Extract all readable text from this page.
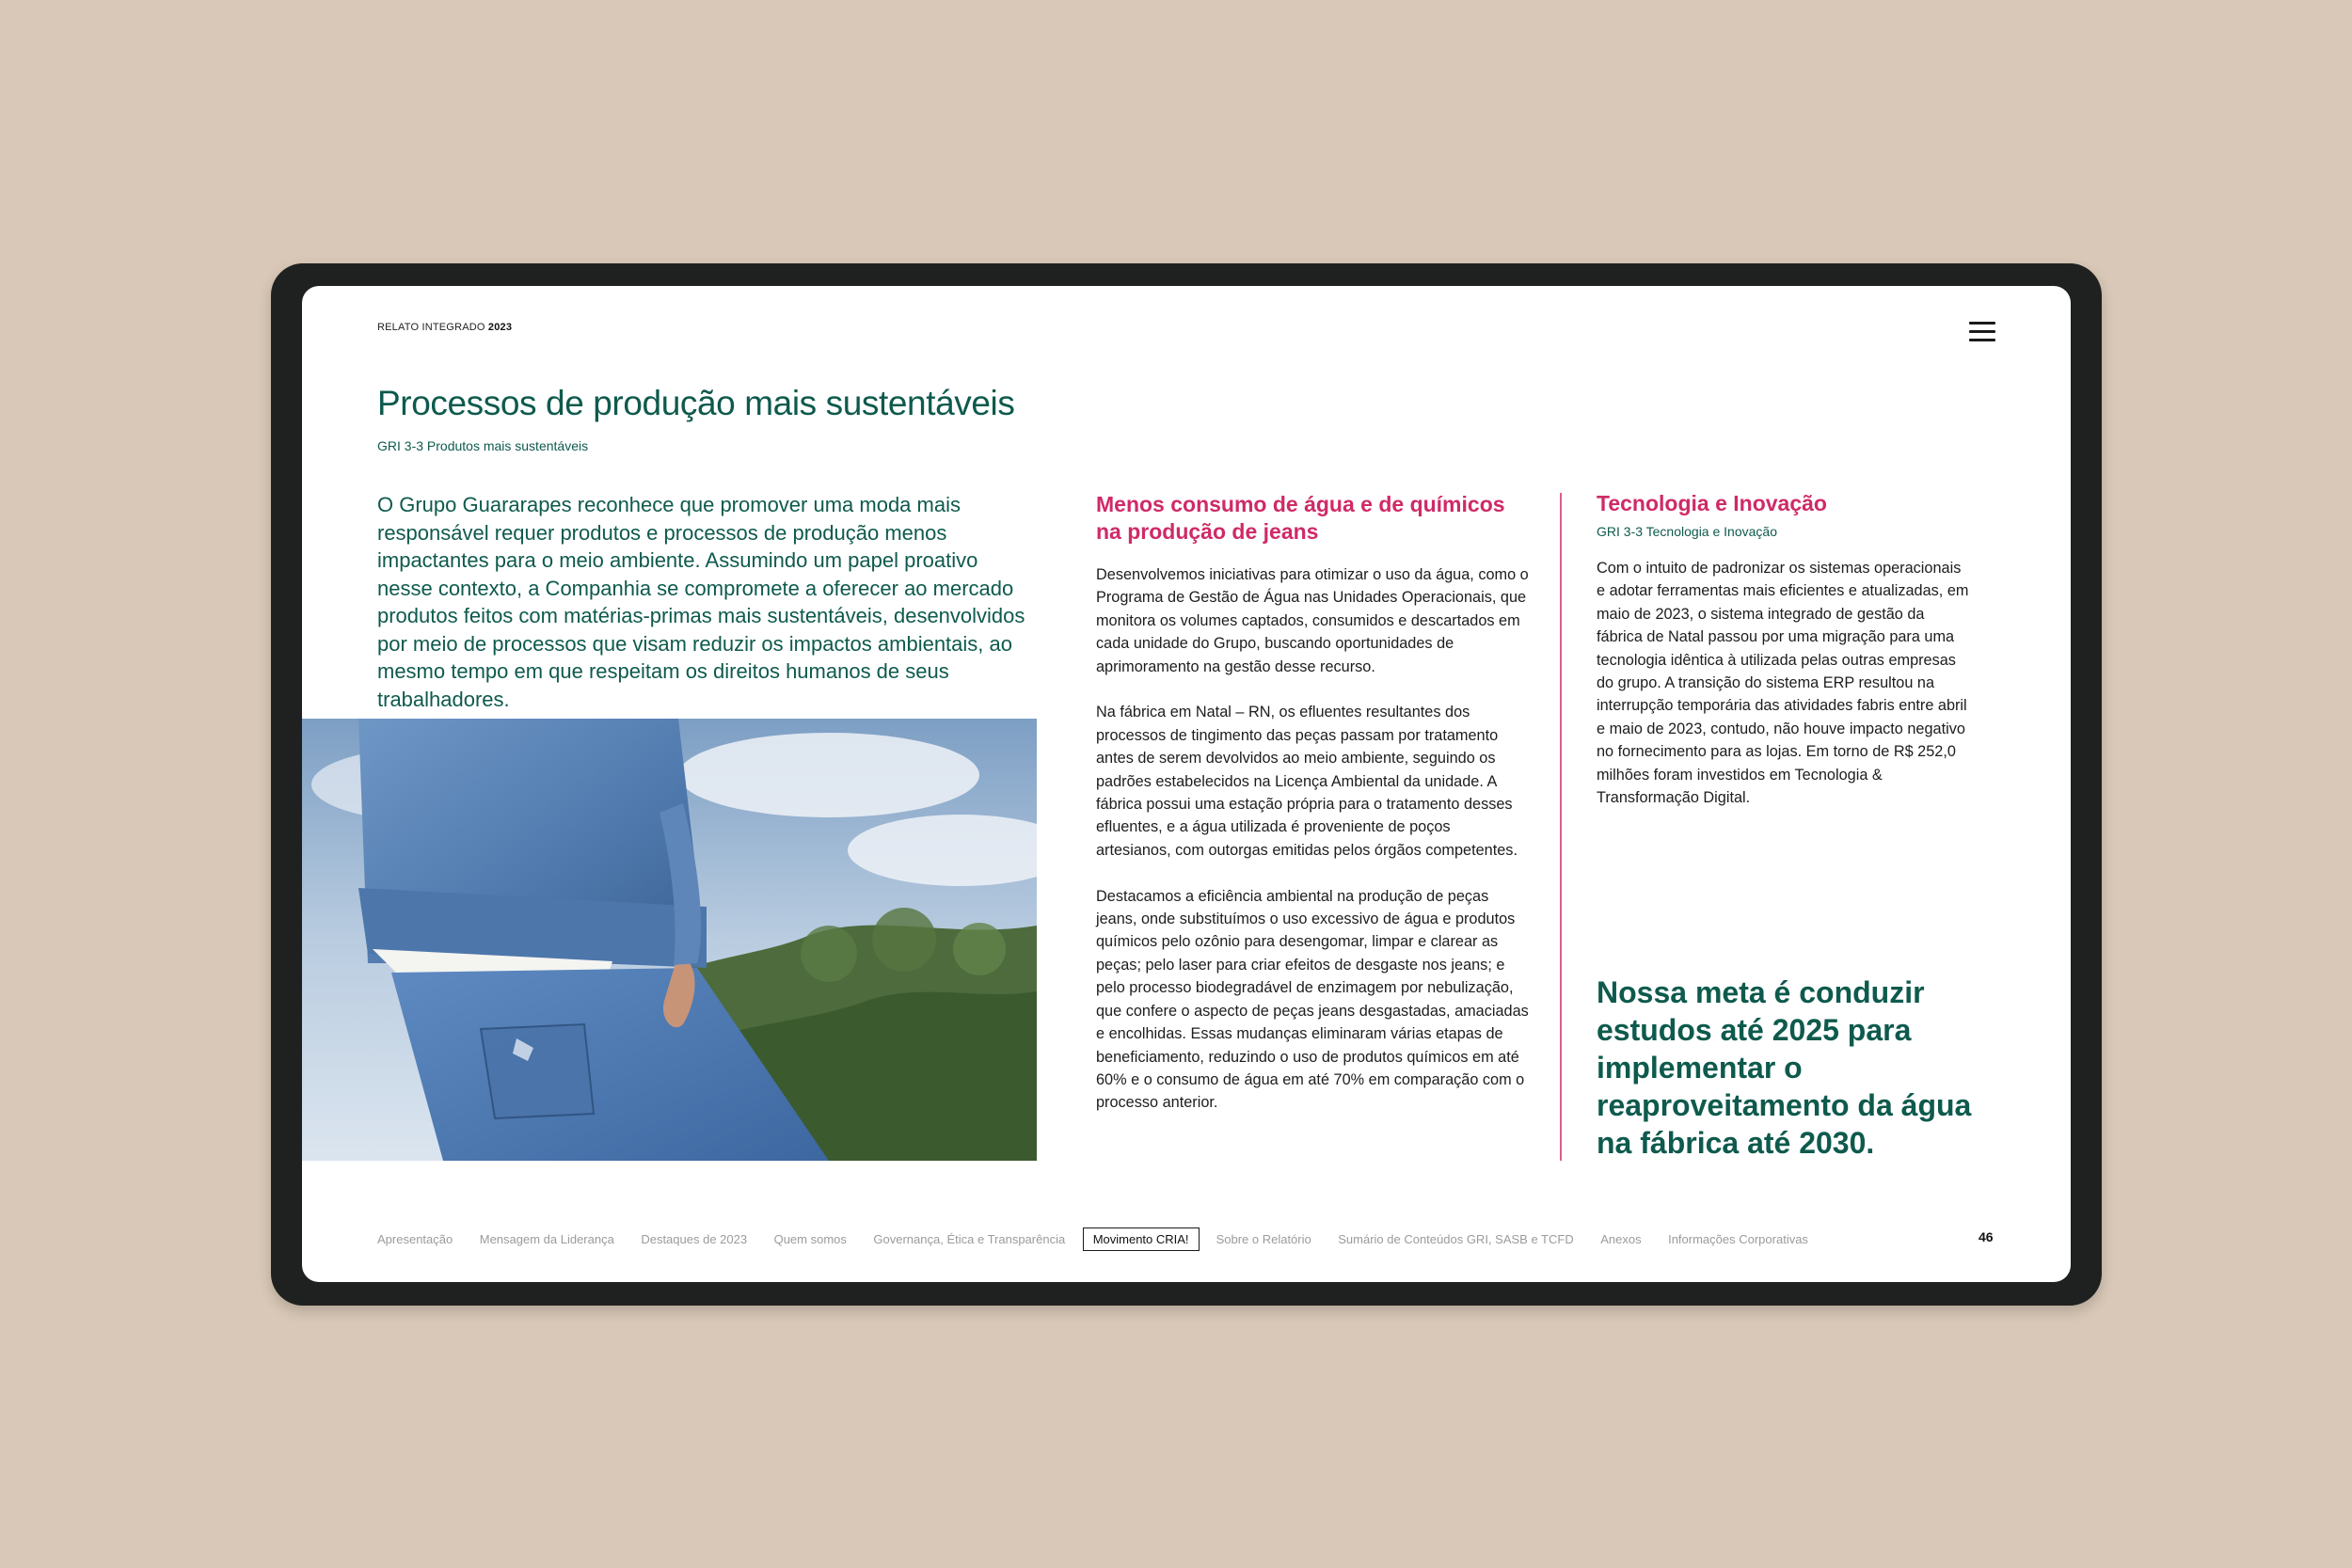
RELATO INTEGRADO 2023
Processos de produção mais sustentáveis
GRI 3-3 Produtos mais sustentáveis
O Grupo Guararapes reconhece que promover uma moda mais responsável requer produtos e processos de produção menos impactantes para o meio ambiente. Assumindo um papel proativo nesse contexto, a Companhia se compromete a oferecer ao mercado produtos feitos com matérias-primas mais sustentáveis, desenvolvidos por meio de processos que visam reduzir os impactos ambientais, ao mesmo tempo em que respeitam os direitos humanos de seus trabalhadores.
Menos consumo de água e de químicos na produção de jeans

Desenvolvemos iniciativas para otimizar o uso da água, como o Programa de Gestão de Água nas Unidades Operacionais, que monitora os volumes captados, consumidos e descartados em cada unidade do Grupo, buscando oportunidades de aprimoramento na gestão desse recurso.

Na fábrica em Natal – RN, os efluentes resultantes dos processos de tingimento das peças passam por tratamento antes de serem devolvidos ao meio ambiente, seguindo os padrões estabelecidos na Licença Ambiental da unidade. A fábrica possui uma estação própria para o tratamento desses efluentes, e a água utilizada é proveniente de poços artesianos, com outorgas emitidas pelos órgãos competentes.

Destacamos a eficiência ambiental na produção de peças jeans, onde substituímos o uso excessivo de água e produtos químicos pelo ozônio para desengomar, limpar e clarear as peças; pelo laser para criar efeitos de desgaste nos jeans; e pelo processo biodegradável de enzimagem por nebulização, que confere o aspecto de peças jeans desgastadas, amaciadas e encolhidas. Essas mudanças eliminaram várias etapas de beneficiamento, reduzindo o uso de produtos químicos em até 60% e o consumo de água em até 70% em comparação com o processo anterior.

Tecnologia e Inovação
GRI 3-3 Tecnologia e Inovação
Com o intuito de padronizar os sistemas operacionais e adotar ferramentas mais eficientes e atualizadas, em maio de 2023, o sistema integrado de gestão da fábrica de Natal passou por uma migração para uma tecnologia idêntica à utilizada pelas outras empresas do grupo. A transição do sistema ERP resultou na interrupção temporária das atividades fabris entre abril e maio de 2023, contudo, não houve impacto negativo no fornecimento para as lojas. Em torno de R$ 252,0 milhões foram investidos em Tecnologia & Transformação Digital.
Nossa meta é conduzir estudos até 2025 para implementar o reaproveitamento da água na fábrica até 2030.
Apresentação Mensagem da Liderança Destaques de 2023 Quem somos Governança, Ética e Transparência	Movimento CRIA!	Sobre o Relatório Sumário de Conteúdos GRI, SASB e TCFD Anexos Informações Corporativas	46
